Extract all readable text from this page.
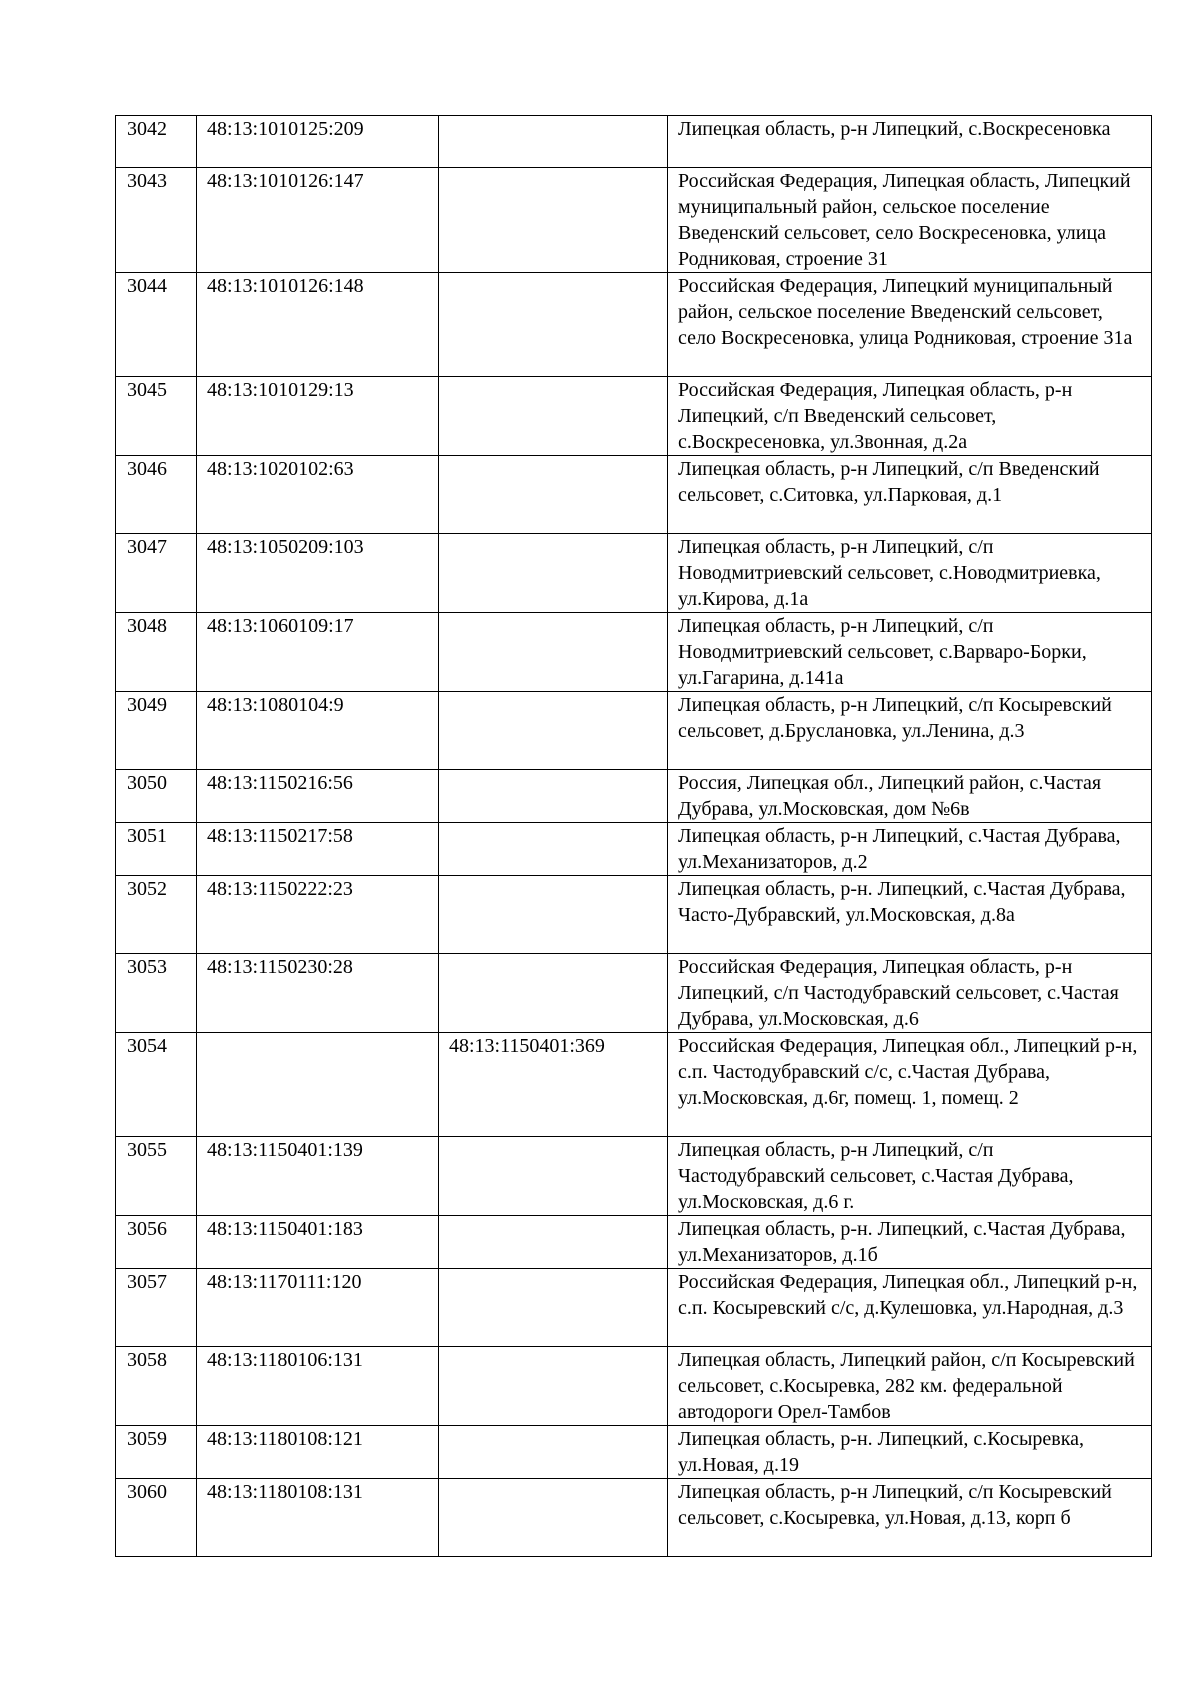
3042	48:13:1010125:209		Липецкая область, р-н Липецкий, с.Воскресеновка
3043	48:13:1010126:147		Российская Федерация, Липецкая область, Липецкий муниципальный район, сельское поселение Введенский сельсовет, село Воскресеновка, улица Родниковая, строение 31
3044	48:13:1010126:148		Российская Федерация, Липецкий муниципальный район, сельское поселение Введенский сельсовет, село Воскресеновка, улица Родниковая, строение 31а
3045	48:13:1010129:13		Российская Федерация, Липецкая область, р-н Липецкий, с/п Введенский сельсовет, с.Воскресеновка, ул.Звонная, д.2а
3046	48:13:1020102:63		Липецкая область, р-н Липецкий, с/п Введенский сельсовет, с.Ситовка, ул.Парковая, д.1
3047	48:13:1050209:103		Липецкая область, р-н Липецкий, с/п Новодмитриевский сельсовет, с.Новодмитриевка, ул.Кирова, д.1а
3048	48:13:1060109:17		Липецкая область, р-н Липецкий, с/п Новодмитриевский сельсовет, с.Варваро-Борки, ул.Гагарина, д.141а
3049	48:13:1080104:9		Липецкая область, р-н Липецкий, с/п Косыревский сельсовет, д.Бруслановка, ул.Ленина, д.3
3050	48:13:1150216:56		Россия, Липецкая обл., Липецкий район, с.Частая Дубрава, ул.Московская, дом №6в
3051	48:13:1150217:58		Липецкая область, р-н Липецкий, с.Частая Дубрава, ул.Механизаторов, д.2
3052	48:13:1150222:23		Липецкая область, р-н. Липецкий, с.Частая Дубрава, Часто-Дубравский, ул.Московская, д.8а
3053	48:13:1150230:28		Российская Федерация, Липецкая область, р-н Липецкий, с/п Частодубравский сельсовет, с.Частая Дубрава, ул.Московская, д.6
3054		48:13:1150401:369	Российская Федерация, Липецкая обл., Липецкий р-н, с.п. Частодубравский с/с, с.Частая Дубрава, ул.Московская, д.6г, помещ. 1, помещ. 2
3055	48:13:1150401:139		Липецкая область, р-н Липецкий, с/п Частодубравский сельсовет, с.Частая Дубрава, ул.Московская, д.6 г.
3056	48:13:1150401:183		Липецкая область, р-н. Липецкий, с.Частая Дубрава, ул.Механизаторов, д.1б
3057	48:13:1170111:120		Российская Федерация, Липецкая обл., Липецкий р-н, с.п. Косыревский с/с, д.Кулешовка, ул.Народная, д.3
3058	48:13:1180106:131		Липецкая область, Липецкий район, с/п Косыревский сельсовет, с.Косыревка, 282 км. федеральной автодороги Орел-Тамбов
3059	48:13:1180108:121		Липецкая область, р-н. Липецкий, с.Косыревка, ул.Новая, д.19
3060	48:13:1180108:131		Липецкая область, р-н Липецкий, с/п Косыревский сельсовет, с.Косыревка, ул.Новая, д.13, корп б
